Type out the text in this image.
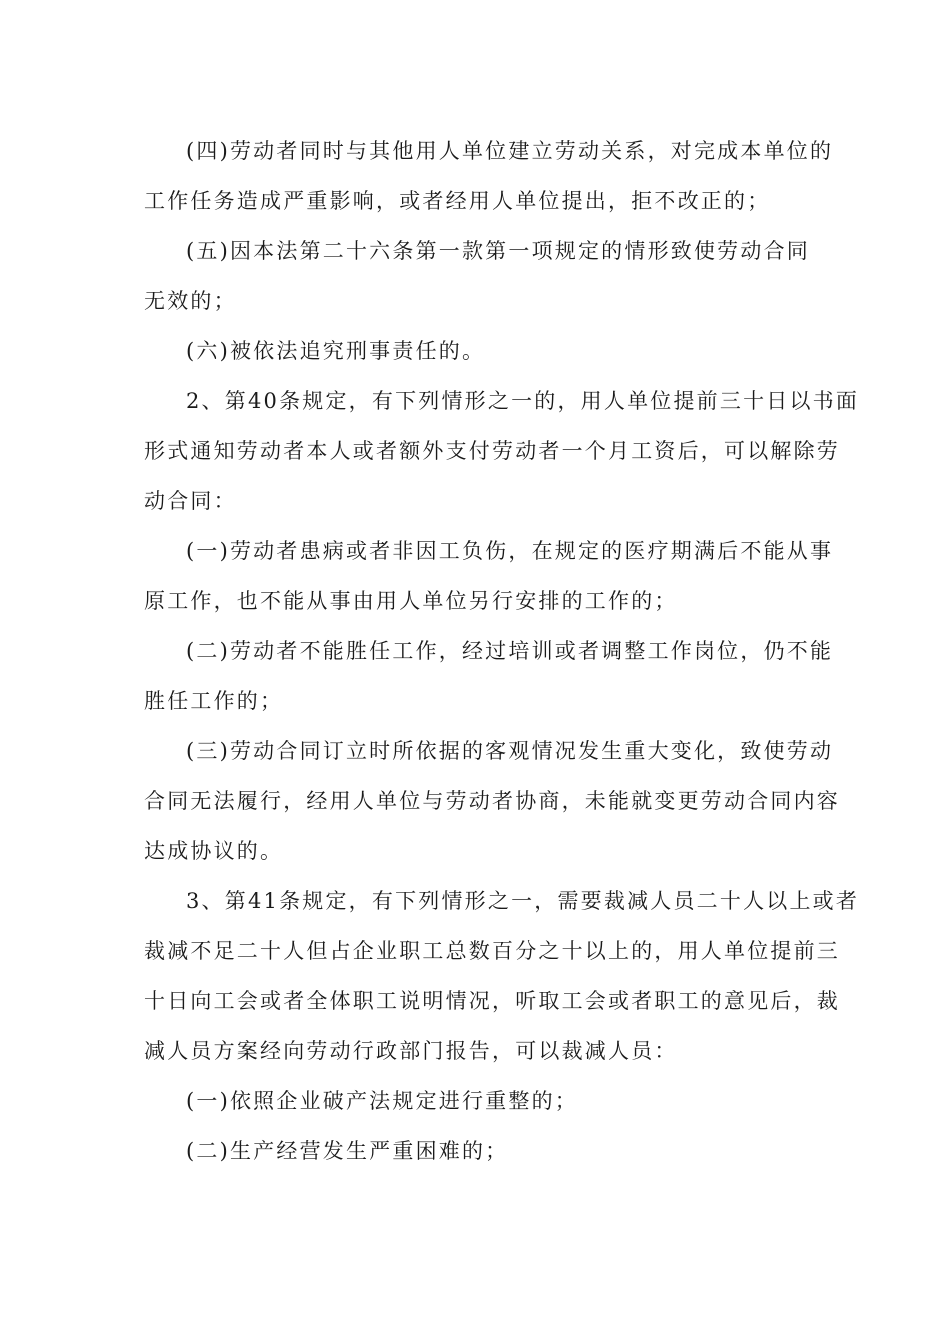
(四)劳动者同时与其他用人单位建立劳动关系，对完成本单位的
工作任务造成严重影响，或者经用人单位提出，拒不改正的；
(五)因本法第二十六条第一款第一项规定的情形致使劳动合同
无效的；
(六)被依法追究刑事责任的。
2、第40条规定，有下列情形之一的，用人单位提前三十日以书面
形式通知劳动者本人或者额外支付劳动者一个月工资后，可以解除劳
动合同：
(一)劳动者患病或者非因工负伤，在规定的医疗期满后不能从事
原工作，也不能从事由用人单位另行安排的工作的；
(二)劳动者不能胜任工作，经过培训或者调整工作岗位，仍不能
胜任工作的；
(三)劳动合同订立时所依据的客观情况发生重大变化，致使劳动
合同无法履行，经用人单位与劳动者协商，未能就变更劳动合同内容
达成协议的。
3、第41条规定，有下列情形之一，需要裁减人员二十人以上或者
裁减不足二十人但占企业职工总数百分之十以上的，用人单位提前三
十日向工会或者全体职工说明情况，听取工会或者职工的意见后，裁
减人员方案经向劳动行政部门报告，可以裁减人员：
(一)依照企业破产法规定进行重整的；
(二)生产经营发生严重困难的；
